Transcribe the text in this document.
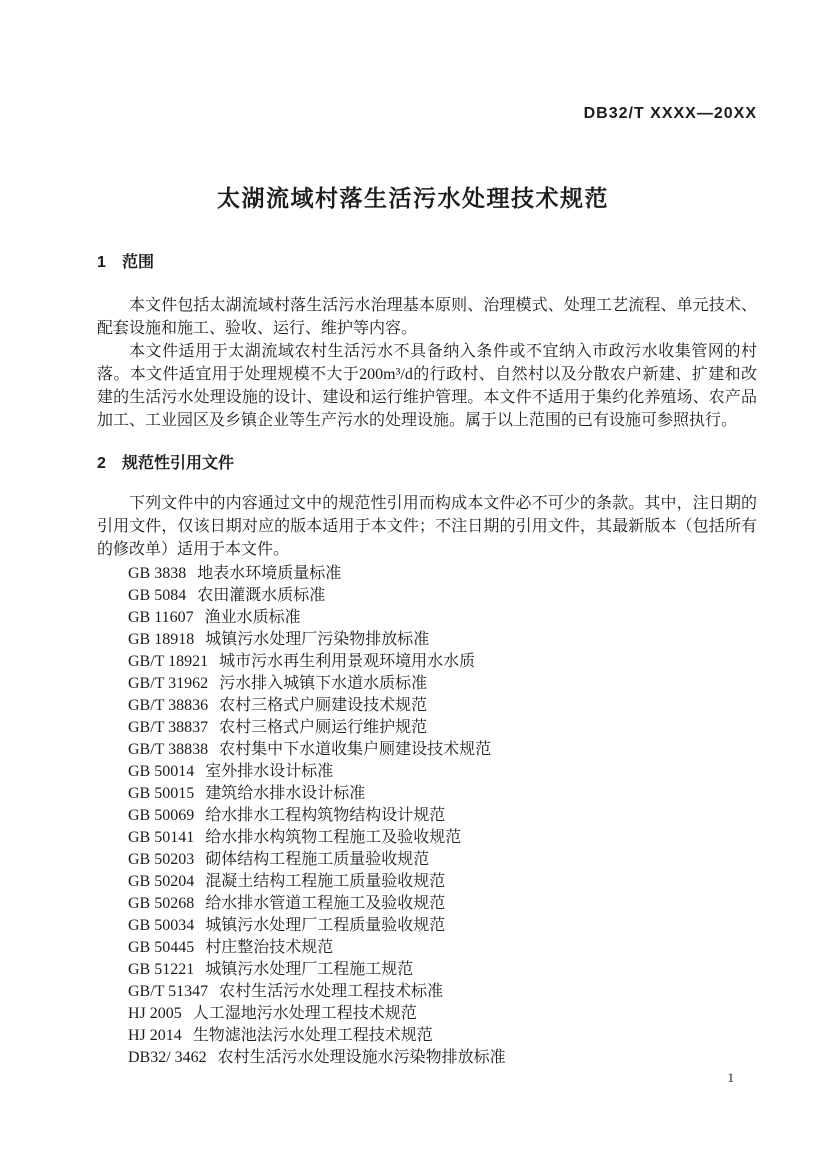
DB32/T XXXX—20XX
太湖流域村落生活污水处理技术规范
1	范围

本文件包括太湖流域村落生活污水治理基本原则、治理模式、处理工艺流程、单元技术、配套设施和施工、验收、运行、维护等内容。

本文件适用于太湖流域农村生活污水不具备纳入条件或不宜纳入市政污水收集管网的村落。本文件适宜用于处理规模不大于200m³/d的行政村、自然村以及分散农户新建、扩建和改建的生活污水处理设施的设计、建设和运行维护管理。本文件不适用于集约化养殖场、农产品加工、工业园区及乡镇企业等生产污水的处理设施。属于以上范围的已有设施可参照执行。

2	规范性引用文件

下列文件中的内容通过文中的规范性引用而构成本文件必不可少的条款。其中，注日期的引用文件，仅该日期对应的版本适用于本文件；不注日期的引用文件，其最新版本（包括所有的修改单）适用于本文件。

GB 3838 地表水环境质量标准
GB 5084 农田灌溉水质标准
GB 11607 渔业水质标准
GB 18918 城镇污水处理厂污染物排放标准
GB/T 18921 城市污水再生利用景观环境用水水质
GB/T 31962 污水排入城镇下水道水质标准
GB/T 38836 农村三格式户厕建设技术规范
GB/T 38837 农村三格式户厕运行维护规范
GB/T 38838 农村集中下水道收集户厕建设技术规范
GB 50014 室外排水设计标准
GB 50015 建筑给水排水设计标准
GB 50069 给水排水工程构筑物结构设计规范
GB 50141 给水排水构筑物工程施工及验收规范
GB 50203 砌体结构工程施工质量验收规范
GB 50204 混凝土结构工程施工质量验收规范
GB 50268 给水排水管道工程施工及验收规范
GB 50034 城镇污水处理厂工程质量验收规范
GB 50445 村庄整治技术规范
GB 51221 城镇污水处理厂工程施工规范
GB/T 51347 农村生活污水处理工程技术标准
HJ 2005 人工湿地污水处理工程技术规范
HJ 2014 生物滤池法污水处理工程技术规范
DB32/ 3462 农村生活污水处理设施水污染物排放标准
1
